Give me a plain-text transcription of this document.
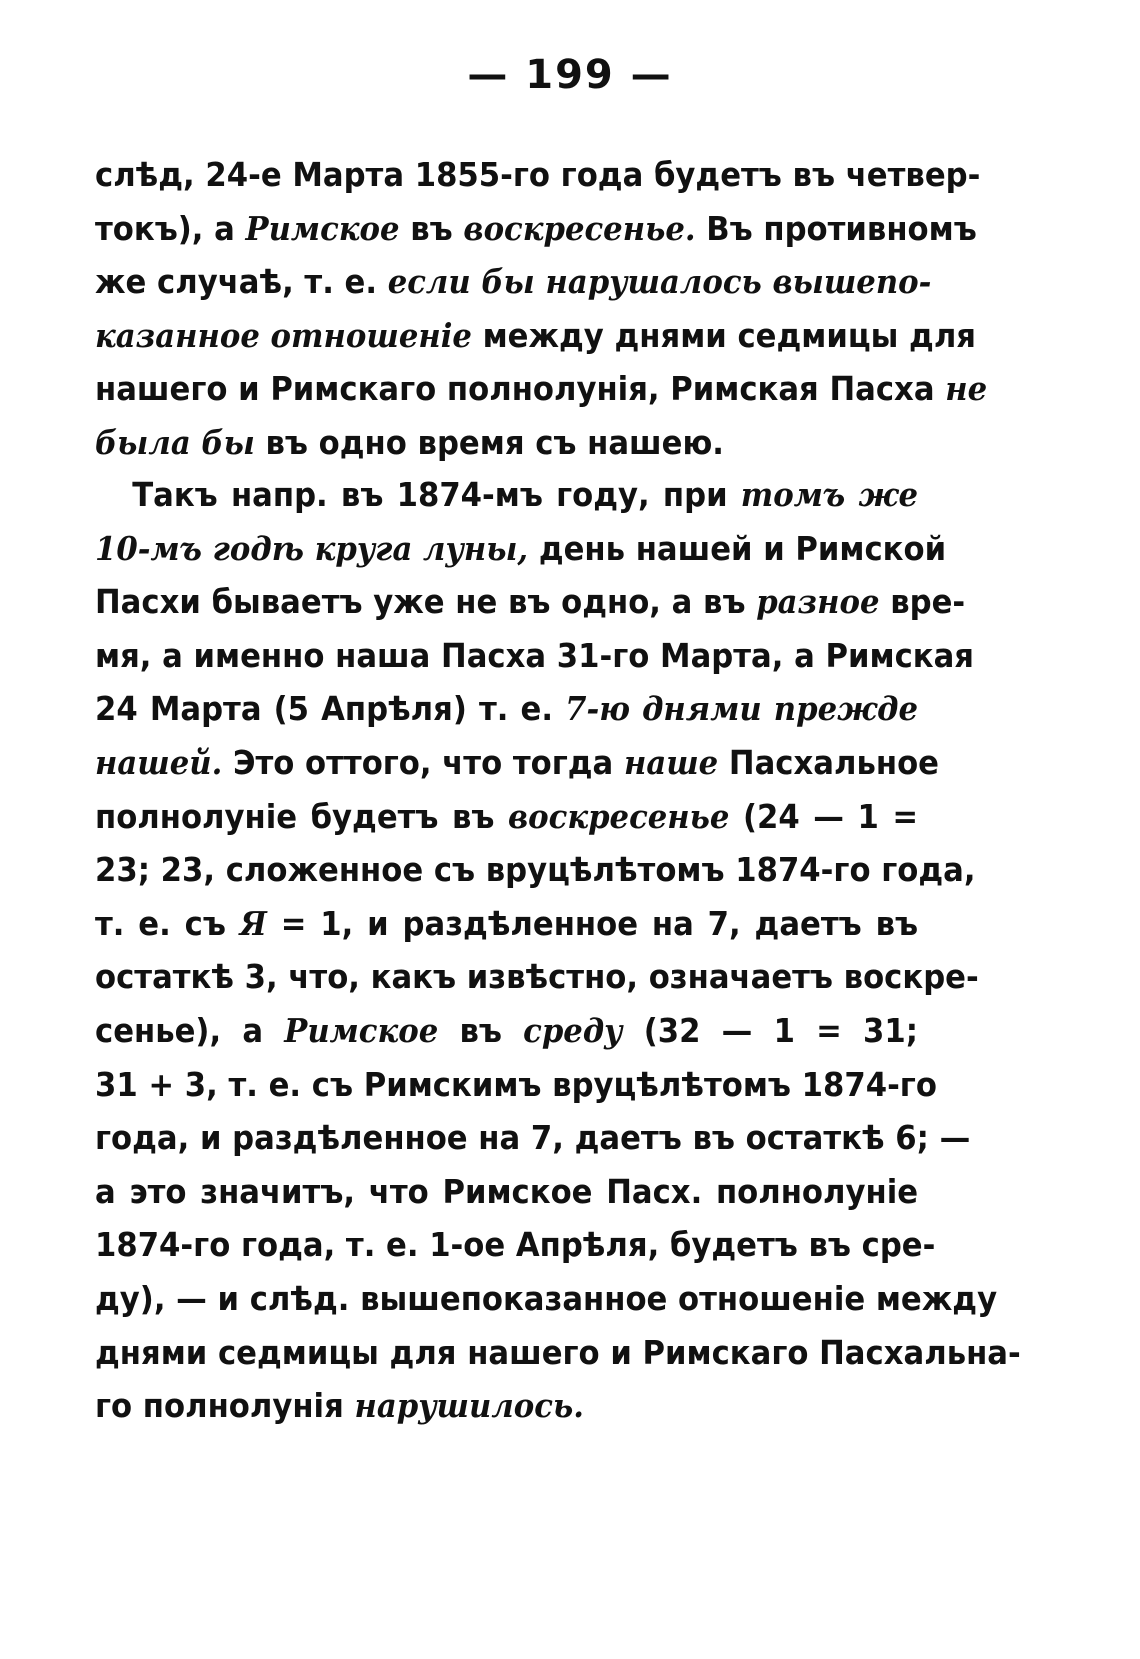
— 199 —
слѣд, 24-е Марта 1855-го года будетъ въ четвер-
токъ), а Римское въ воскресенье. Въ противномъ
же случаѣ, т. е. если бы нарушалось вышепо-
казанное отношеніе между днями седмицы для
нашего и Римскаго полнолунія, Римская Пасха не
была бы въ одно время съ нашею.
Такъ напр. въ 1874-мъ году, при томъ же
10-мъ годѣ круга луны, день нашей и Римской
Пасхи бываетъ уже не въ одно, а въ разное вре-
мя, а именно наша Пасха 31-го Марта, а Римская
24 Марта (5 Апрѣля) т. е. 7-ю днями прежде
нашей. Это оттого, что тогда наше Пасхальное
полнолуніе будетъ въ воскресенье (24 — 1 =
23; 23, сложенное съ вруцѣлѣтомъ 1874-го года,
т. е. съ Я = 1, и раздѣленное на 7, даетъ въ
остаткѣ 3, что, какъ извѣстно, означаетъ воскре-
сенье), а Римское въ среду (32 — 1 = 31;
31 + 3, т. е. съ Римскимъ вруцѣлѣтомъ 1874-го
года, и раздѣленное на 7, даетъ въ остаткѣ 6; —
а это значитъ, что Римское Пасх. полнолуніе
1874-го года, т. е. 1-ое Апрѣля, будетъ въ сре-
ду), — и слѣд. вышепоказанное отношеніе между
днями седмицы для нашего и Римскаго Пасхальна-
го полнолунія нарушилось.
